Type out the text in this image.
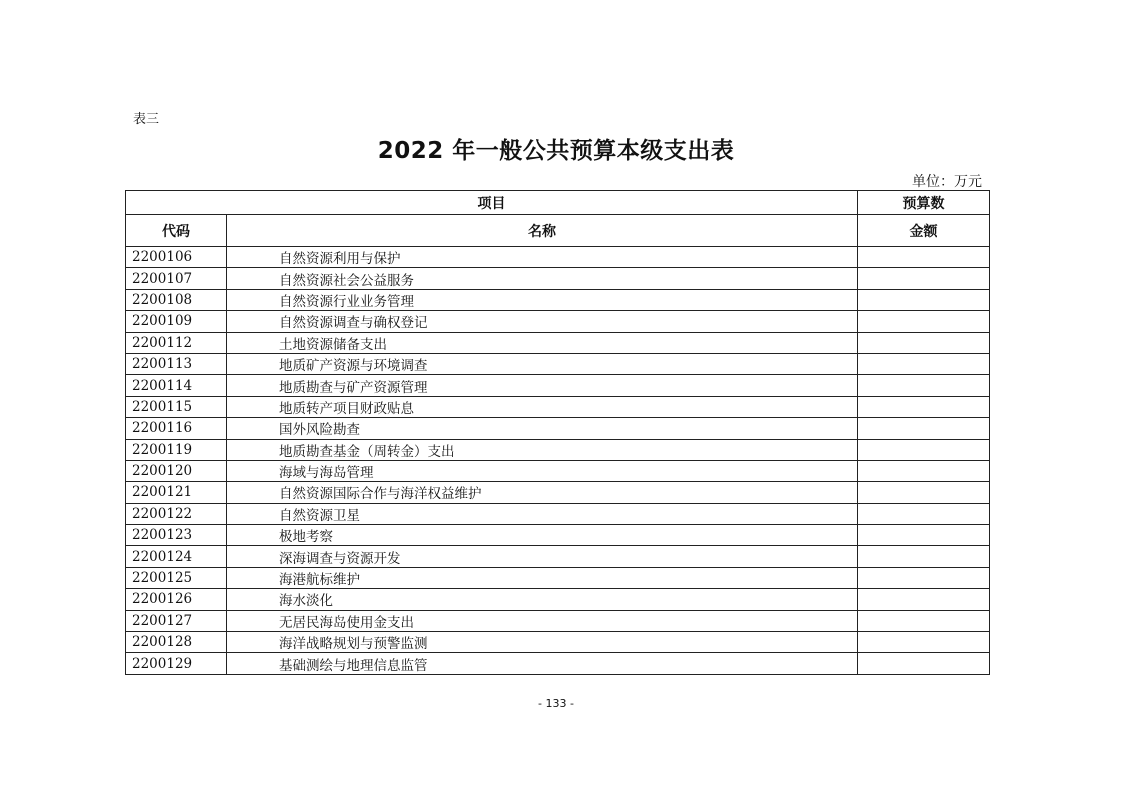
表三
2022 年一般公共预算本级支出表
单位：万元
项目		预算数
代码	名称	金额
2200106	自然资源利用与保护	
2200107	自然资源社会公益服务	
2200108	自然资源行业业务管理	
2200109	自然资源调查与确权登记	
2200112	土地资源储备支出	
2200113	地质矿产资源与环境调查	
2200114	地质勘查与矿产资源管理	
2200115	地质转产项目财政贴息	
2200116	国外风险勘查	
2200119	地质勘查基金（周转金）支出	
2200120	海域与海岛管理	
2200121	自然资源国际合作与海洋权益维护	
2200122	自然资源卫星	
2200123	极地考察	
2200124	深海调查与资源开发	
2200125	海港航标维护	
2200126	海水淡化	
2200127	无居民海岛使用金支出	
2200128	海洋战略规划与预警监测	
2200129	基础测绘与地理信息监管	
- 133 -
